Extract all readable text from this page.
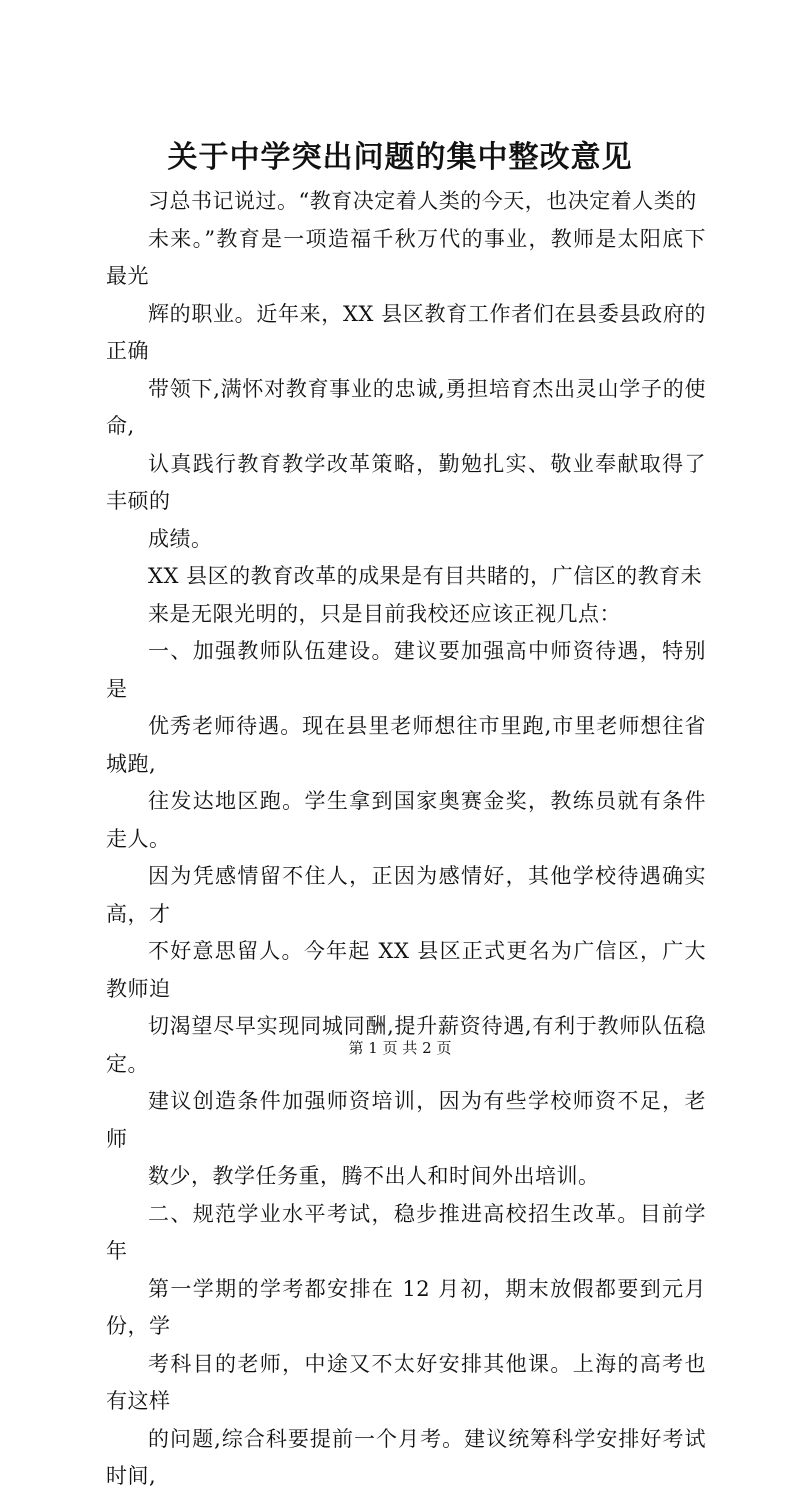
关于中学突出问题的集中整改意见

习总书记说过。“教育决定着人类的今天，也决定着人类的
未来。”教育是一项造福千秋万代的事业，教师是太阳底下最光
辉的职业。近年来，XX 县区教育工作者们在县委县政府的正确
带领下,满怀对教育事业的忠诚,勇担培育杰出灵山学子的使命,
认真践行教育教学改革策略，勤勉扎实、敬业奉献取得了丰硕的
成绩。

XX 县区的教育改革的成果是有目共睹的，广信区的教育未
来是无限光明的，只是目前我校还应该正视几点：

一、加强教师队伍建设。建议要加强高中师资待遇，特别是
优秀老师待遇。现在县里老师想往市里跑,市里老师想往省城跑,
往发达地区跑。学生拿到国家奥赛金奖，教练员就有条件走人。
因为凭感情留不住人，正因为感情好，其他学校待遇确实高，才
不好意思留人。今年起 XX 县区正式更名为广信区，广大教师迫
切渴望尽早实现同城同酬,提升薪资待遇,有利于教师队伍稳定。

建议创造条件加强师资培训，因为有些学校师资不足，老师
数少，教学任务重，腾不出人和时间外出培训。

二、规范学业水平考试，稳步推进高校招生改革。目前学年
第一学期的学考都安排在 12 月初，期末放假都要到元月份，学
考科目的老师，中途又不太好安排其他课。上海的高考也有这样
的问题,综合科要提前一个月考。建议统筹科学安排好考试时间,

第 1 页 共 2 页
